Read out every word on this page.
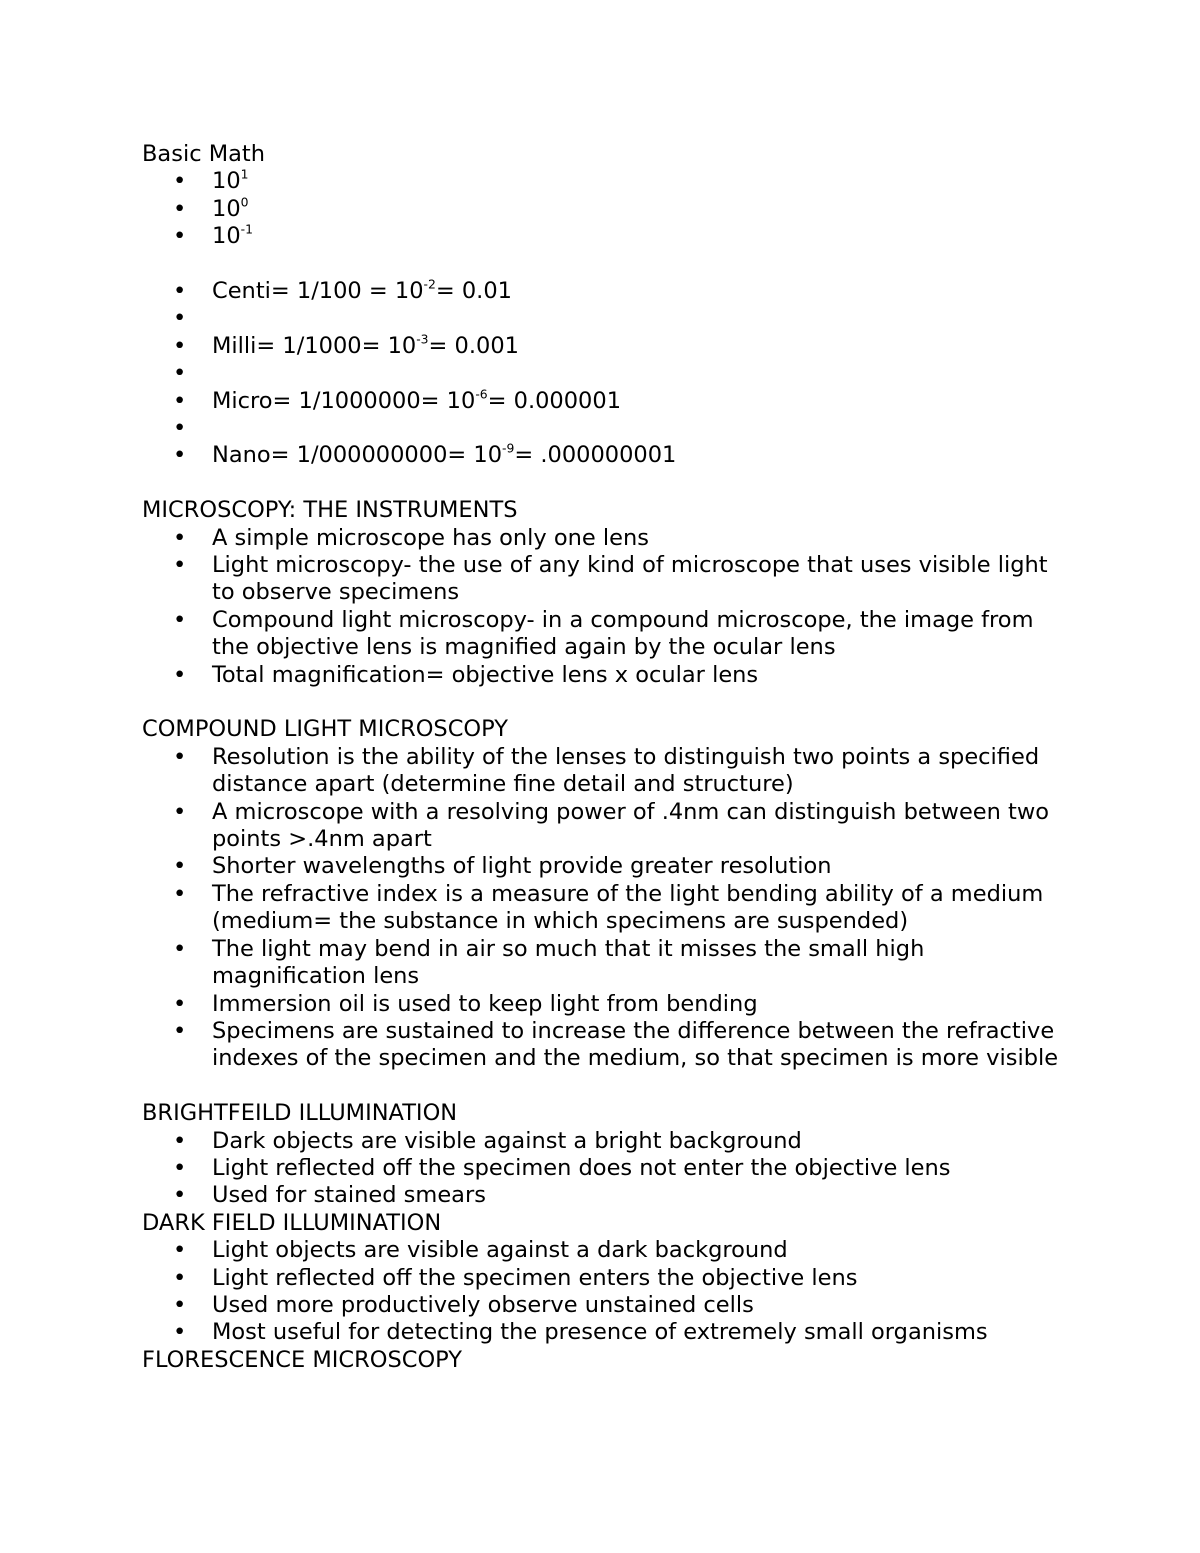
Basic Math
• $10^1$
• $10^0$
• $10^{-1}$
• Centi= $1/100 = 10^{-2}= 0.01$
•
• Milli= $1/1000= 10^{-3}= 0.001$
•
• Micro= $1/1000000= 10^{-6}= 0.000001$
•
• Nano= $1/000000000= 10^{-9}= .000000001$
MICROSCOPY: THE INSTRUMENTS
• A simple microscope has only one lens
• Light microscopy- the use of any kind of microscope that uses visible light to observe specimens
• Compound light microscopy- in a compound microscope, the image from the objective lens is magnified again by the ocular lens
• Total magnification= objective lens x ocular lens
COMPOUND LIGHT MICROSCOPY
• Resolution is the ability of the lenses to distinguish two points a specified distance apart (determine fine detail and structure)
• A microscope with a resolving power of .4nm can distinguish between two points >.4nm apart
• Shorter wavelengths of light provide greater resolution
• The refractive index is a measure of the light bending ability of a medium (medium= the substance in which specimens are suspended)
• The light may bend in air so much that it misses the small high magnification lens
• Immersion oil is used to keep light from bending
• Specimens are sustained to increase the difference between the refractive indexes of the specimen and the medium, so that specimen is more visible
BRIGHTFEILD ILLUMINATION
• Dark objects are visible against a bright background
• Light reflected off the specimen does not enter the objective lens
• Used for stained smears
DARK FIELD ILLUMINATION
• Light objects are visible against a dark background
• Light reflected off the specimen enters the objective lens
• Used more productively observe unstained cells
• Most useful for detecting the presence of extremely small organisms
FLORESCENCE MICROSCOPY
